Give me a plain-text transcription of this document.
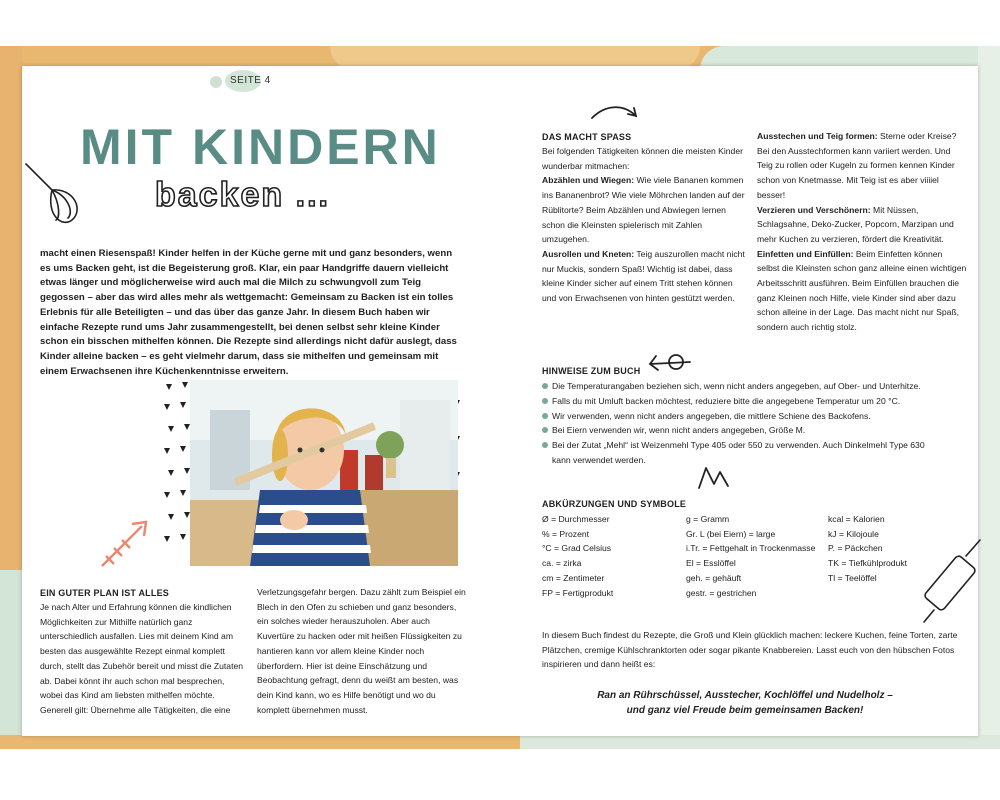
SEITE 4
MIT KINDERN
backen ...
macht einen Riesenspaß! Kinder helfen in der Küche gerne mit und ganz besonders, wenn es ums Backen geht, ist die Begeisterung groß. Klar, ein paar Handgriffe dauern vielleicht etwas länger und möglicherweise wird auch mal die Milch zu schwungvoll zum Teig gegossen – aber das wird alles mehr als wettgemacht: Gemeinsam zu Backen ist ein tolles Erlebnis für alle Beteiligten – und das über das ganze Jahr. In diesem Buch haben wir einfache Rezepte rund ums Jahr zusammengestellt, bei denen selbst sehr kleine Kinder schon ein bisschen mithelfen können. Die Rezepte sind allerdings nicht dafür auslegt, dass Kinder alleine backen – es geht vielmehr darum, dass sie mithelfen und gemeinsam mit einem Erwachsenen ihre Küchenkenntnisse erweitern.
EIN GUTER PLAN IST ALLES
Je nach Alter und Erfahrung können die kindlichen Möglichkeiten zur Mithilfe natürlich ganz unterschiedlich ausfallen. Lies mit deinem Kind am besten das ausgewählte Rezept einmal komplett durch, stellt das Zubehör bereit und misst die Zutaten ab. Dabei könnt ihr auch schon mal besprechen, wobei das Kind am liebsten mithelfen möchte. Generell gilt: Übernehme alle Tätigkeiten, die eine
Verletzungsgefahr bergen. Dazu zählt zum Beispiel ein Blech in den Ofen zu schieben und ganz besonders, ein solches wieder herauszuholen. Aber auch Kuvertüre zu hacken oder mit heißen Flüssigkeiten zu hantieren kann vor allem kleine Kinder noch überfordern. Hier ist deine Einschätzung und Beobachtung gefragt, denn du weißt am besten, was dein Kind kann, wo es Hilfe benötigt und wo du komplett übernehmen musst.
DAS MACHT SPASS
Bei folgenden Tätigkeiten können die meisten Kinder wunderbar mitmachen:
Abzählen und Wiegen: Wie viele Bananen kommen ins Bananenbrot? Wie viele Möhrchen landen auf der Rüblitorte? Beim Abzählen und Abwiegen lernen schon die Kleinsten spielerisch mit Zahlen umzugehen.
Ausrollen und Kneten: Teig auszurollen macht nicht nur Muckis, sondern Spaß! Wichtig ist dabei, dass kleine Kinder sicher auf einem Tritt stehen können und von Erwachsenen von hinten gestützt werden.
Ausstechen und Teig formen: Sterne oder Kreise? Bei den Ausstechformen kann variiert werden. Und Teig zu rollen oder Kugeln zu formen kennen Kinder schon von Knetmasse. Mit Teig ist es aber viiiiel besser!
Verzieren und Verschönern: Mit Nüssen, Schlagsahne, Deko-Zucker, Popcorn, Marzipan und mehr Kuchen zu verzieren, fördert die Kreativität.
Einfetten und Einfüllen: Beim Einfetten können selbst die Kleinsten schon ganz alleine einen wichtigen Arbeitsschritt ausführen. Beim Einfüllen brauchen die ganz Kleinen noch Hilfe, viele Kinder sind aber dazu schon alleine in der Lage. Das macht nicht nur Spaß, sondern auch richtig stolz.
HINWEISE ZUM BUCH
Die Temperaturangaben beziehen sich, wenn nicht anders angegeben, auf Ober- und Unterhitze.
Falls du mit Umluft backen möchtest, reduziere bitte die angegebene Temperatur um 20 °C.
Wir verwenden, wenn nicht anders angegeben, die mittlere Schiene des Backofens.
Bei Eiern verwenden wir, wenn nicht anders angegeben, Größe M.
Bei der Zutat „Mehl“ ist Weizenmehl Type 405 oder 550 zu verwenden. Auch Dinkelmehl Type 630 kann verwendet werden.
ABKÜRZUNGEN UND SYMBOLE
Ø = Durchmesser
% = Prozent
°C = Grad Celsius
ca. = zirka
cm = Zentimeter
FP = Fertigprodukt
g = Gramm
Gr. L (bei Eiern) = large
i.Tr. = Fettgehalt in Trockenmasse
El = Esslöffel
geh. = gehäuft
gestr. = gestrichen
kcal = Kalorien
kJ = Kilojoule
P. = Päckchen
TK = Tiefkühlprodukt
Tl = Teelöffel
In diesem Buch findest du Rezepte, die Groß und Klein glücklich machen: leckere Kuchen, feine Torten, zarte Plätzchen, cremige Kühlschranktorten oder sogar pikante Knabbereien. Lasst euch von den hübschen Fotos inspirieren und dann heißt es:
Ran an Rührschüssel, Ausstecher, Kochlöffel und Nudelholz –
und ganz viel Freude beim gemeinsamen Backen!
